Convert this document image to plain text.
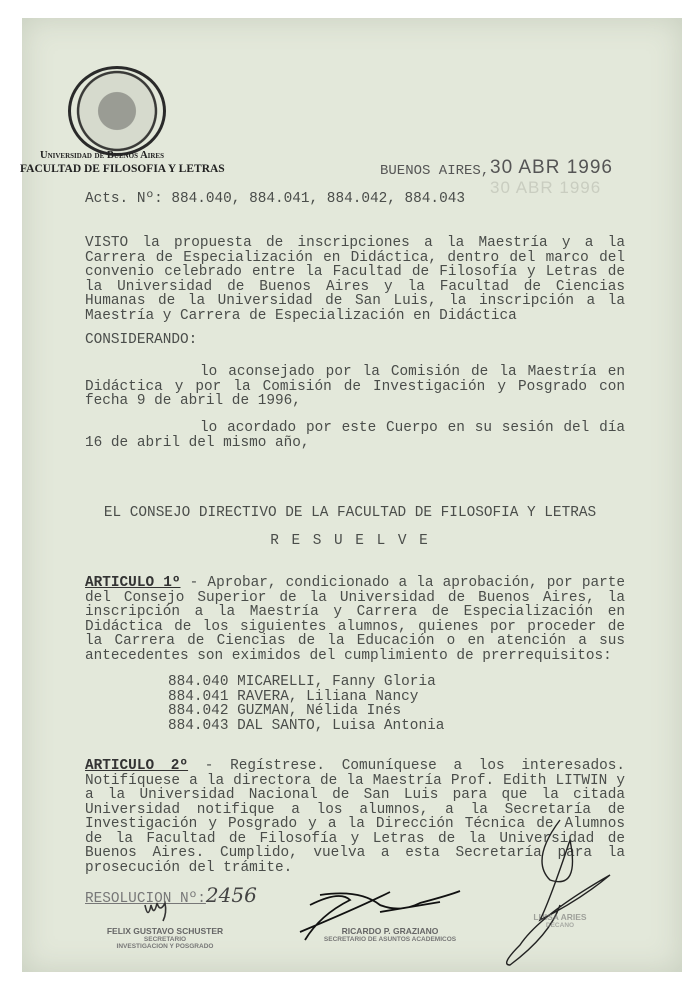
Universidad de Buenos Aires
FACULTAD DE FILOSOFIA Y LETRAS	BUENOS AIRES, 30 ABR 1996
30 ABR 1996
Acts. Nº: 884.040, 884.041, 884.042, 884.043
VISTO la propuesta de inscripciones a la Maestría y a la
Carrera de Especialización en Didáctica, dentro del marco del
convenio celebrado entre la Facultad de Filosofía y Letras de
la Universidad de Buenos Aires y la Facultad de Ciencias
Humanas de la Universidad de San Luis, la inscripción a la
Maestría y Carrera de Especialización en Didáctica
CONSIDERANDO:
lo aconsejado por la Comisión de la Maestría en
Didáctica y por la Comisión de Investigación y Posgrado con
fecha 9 de abril de 1996,
lo acordado por este Cuerpo en su sesión del día
16 de abril del mismo año,
EL CONSEJO DIRECTIVO DE LA FACULTAD DE FILOSOFIA Y LETRAS
R E S U E L V E
ARTICULO 1º - Aprobar, condicionado a la aprobación, por parte
del Consejo Superior de la Universidad de Buenos Aires, la
inscripción a la Maestría y Carrera de Especialización en
Didáctica de los siguientes alumnos, quienes por proceder de
la Carrera de Ciencias de la Educación o en atención a sus
antecedentes son eximidos del cumplimiento de prerrequisitos:
884.040 MICARELLI, Fanny Gloria
884.041 RAVERA, Liliana Nancy
884.042 GUZMAN, Nélida Inés
884.043 DAL SANTO, Luisa Antonia
ARTICULO 2º - Regístrese. Comuníquese a los interesados.
Notifíquese a la directora de la Maestría Prof. Edith LITWIN y
a la Universidad Nacional de San Luis para que la citada
Universidad notifique a los alumnos, a la Secretaría de
Investigación y Posgrado y a la Dirección Técnica de Alumnos
de la Facultad de Filosofía y Letras de la Universidad de
Buenos Aires. Cumplido, vuelva a esta Secretaría para la
prosecución del trámite.
RESOLUCION Nº:2456
FELIX GUSTAVO SCHUSTER
SECRETARIO
INVESTIGACION Y POSGRADO
RICARDO P. GRAZIANO
SECRETARIO DE ASUNTOS ACADEMICOS
LUISA ARIES
DECANO
